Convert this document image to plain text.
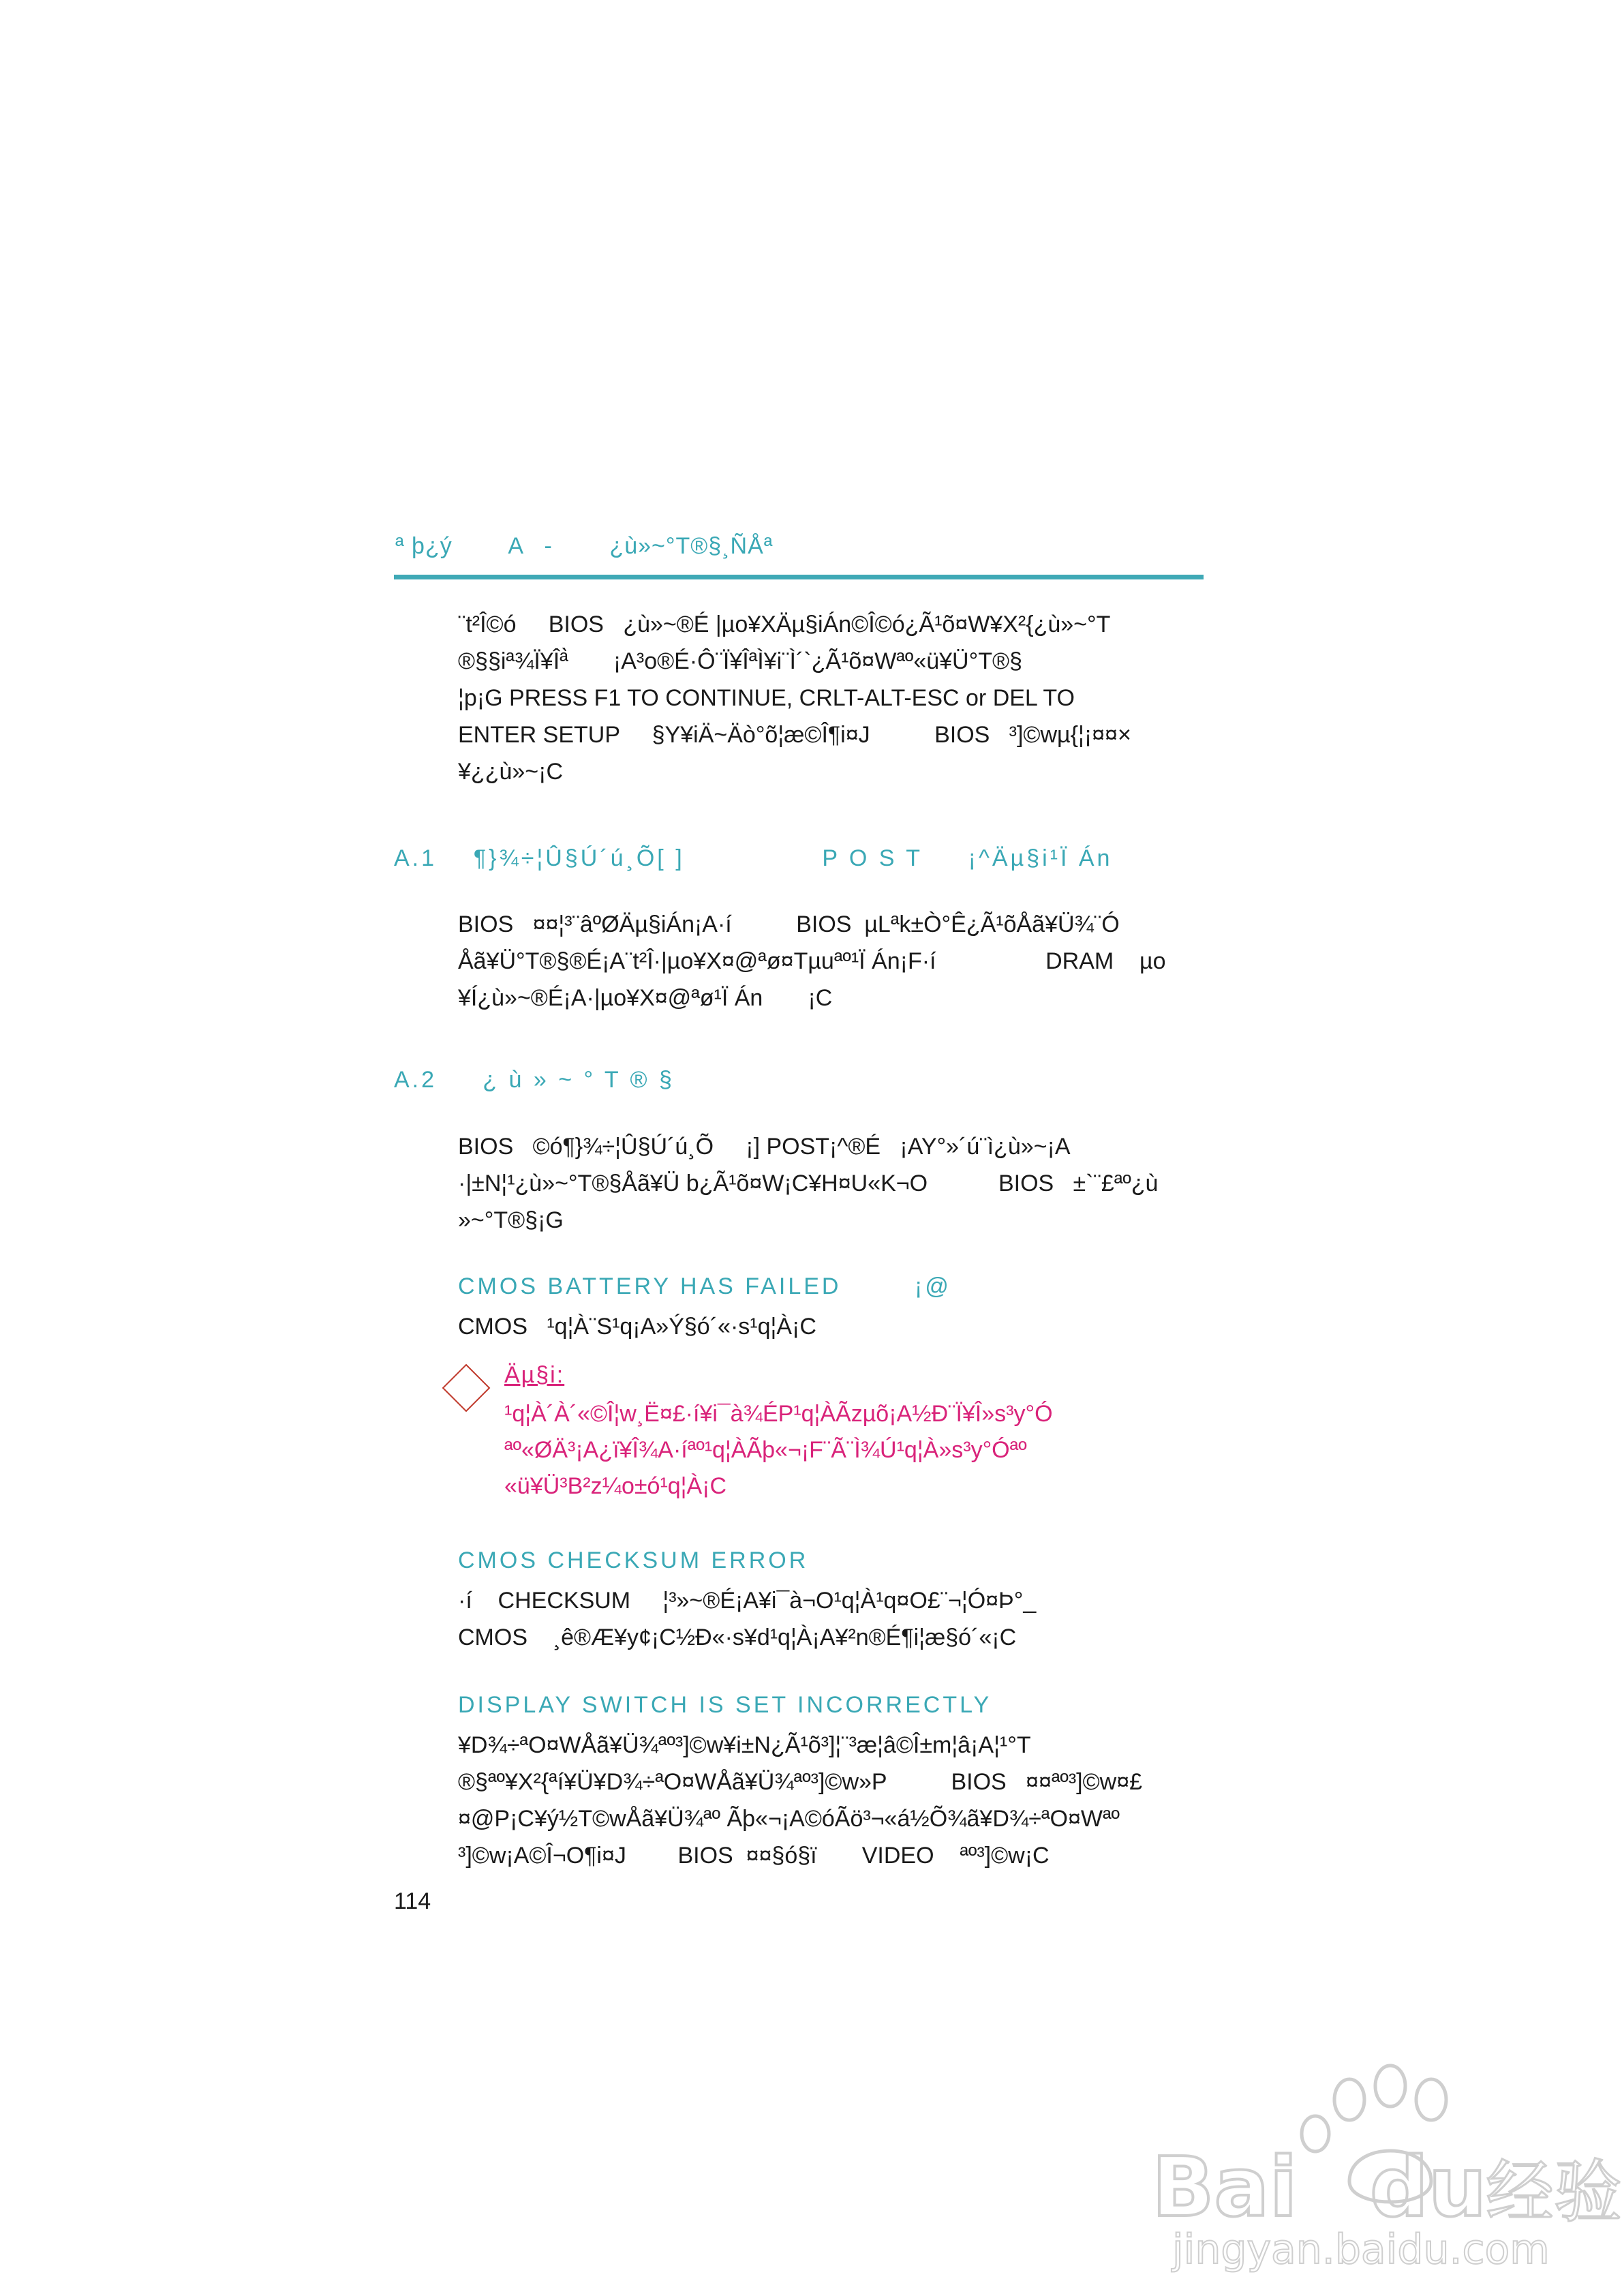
ª þ¿ý        A   -        ¿ù»~°T®§¸ÑÅª
¨t²Î©ó     BIOS   ¿ù»~®É |µo¥XÄµ§iÁn©Î©ó¿Ã¹õ¤W¥X²{¿ù»~°T
®§§iª¾Ï¥Îª̀       ¡A³o®É·Ô¨Ï¥ÎªÌ¥i¨Ì´`¿Ã¹õ¤Wªº«ü¥Ü°T®§
¦p¡G PRESS F1 TO CONTINUE, CRLT-ALT-ESC or DEL TO
ENTER SETUP     §Y¥iÄ~Äò°õ¦æ©Î¶i¤J          BIOS   ³]©wµ{¦¡¤¤×
¥¿¿ù»~¡C
A.1    ¶}¾÷¦Û§Ú´ú¸Õ[ ]               P O S T     ¡^Äµ§i¹Ï Án
BIOS   ¤¤¦³¨âºØÄµ§iÁn¡A·í          BIOS  µLªk±Ò°Ê¿Ã¹õÅã¥Ü¾¨Ó
Åã¥Ü°T®§®É¡A¨t²Î·|µo¥X¤@ªø¤Tµuªº¹Ï Án¡F·í                 DRAM    µo
¥Í¿ù»~®É¡A·|µo¥X¤@ªø¹Ï Án       ¡C
A.2     ¿ ù » ~ ° T ® §
BIOS   ©ó¶}¾÷¦Û§Ú´ú¸Õ     ¡] POST¡^®É   ¡AY°»´ú¨ì¿ù»~¡A
·|±N¦¹¿ù»~°T®§Åã¥Ü b¿Ã¹õ¤W¡C¥H¤U«K¬O           BIOS   ±`¨£ªº¿ù
»~°T®§¡G
CMOS BATTERY HAS FAILED        ¡@
CMOS   ¹q¦À¨S¹q¡A»Ý§ó´«·s¹q¦À¡C
Äµ§i:
¹q¦À´À´«©Î¦w¸Ë¤£·í¥i¯à¾ÉP¹q¦ÀÃzµõ¡A½Ð¨Ï¥Î»s³y°Ó
ªº«ØÄ³¡A¿ï¥Î¾A·íªº¹q¦ÀÃþ«¬¡F¨Ã¨Ì¾Ú¹q¦À»s³y°Óªº
«ü¥Ü³B²z¼o±ó¹q¦À¡C
CMOS CHECKSUM ERROR
·í    CHECKSUM     ¦³»~®É¡A¥i¯à¬O¹q¦À¹q¤O£¨¬¦Ó¤Þ°_
CMOS    ¸ê®Æ¥y¢¡C½Ð«·s¥d¹q¦À¡A¥²n®É¶i¦æ§ó´«¡C
DISPLAY SWITCH IS SET INCORRECTLY
¥D¾÷ªO¤WÅã¥Ü¾ªº³]©w¥i±N¿Ã¹õ³]¦¨³æ¦â©Î±m¦â¡A¦¹°T
®§ªº¥X²{ªí¥Ü¥D¾÷ªO¤WÅã¥Ü¾ªº³]©w»P          BIOS   ¤¤ªº³]©w¤£
¤@P¡C¥ý½T©wÅã¥Ü¾ªº Ãþ«¬¡A©óÃö³¬«á½Õ¾ã¥D¾÷ªO¤Wªº
³]©w¡A©Î¬O¶i¤J        BIOS  ¤¤§ó§ï       VIDEO    ªº³]©w¡C
114
Bai du
经验
jingyan.baidu.com
